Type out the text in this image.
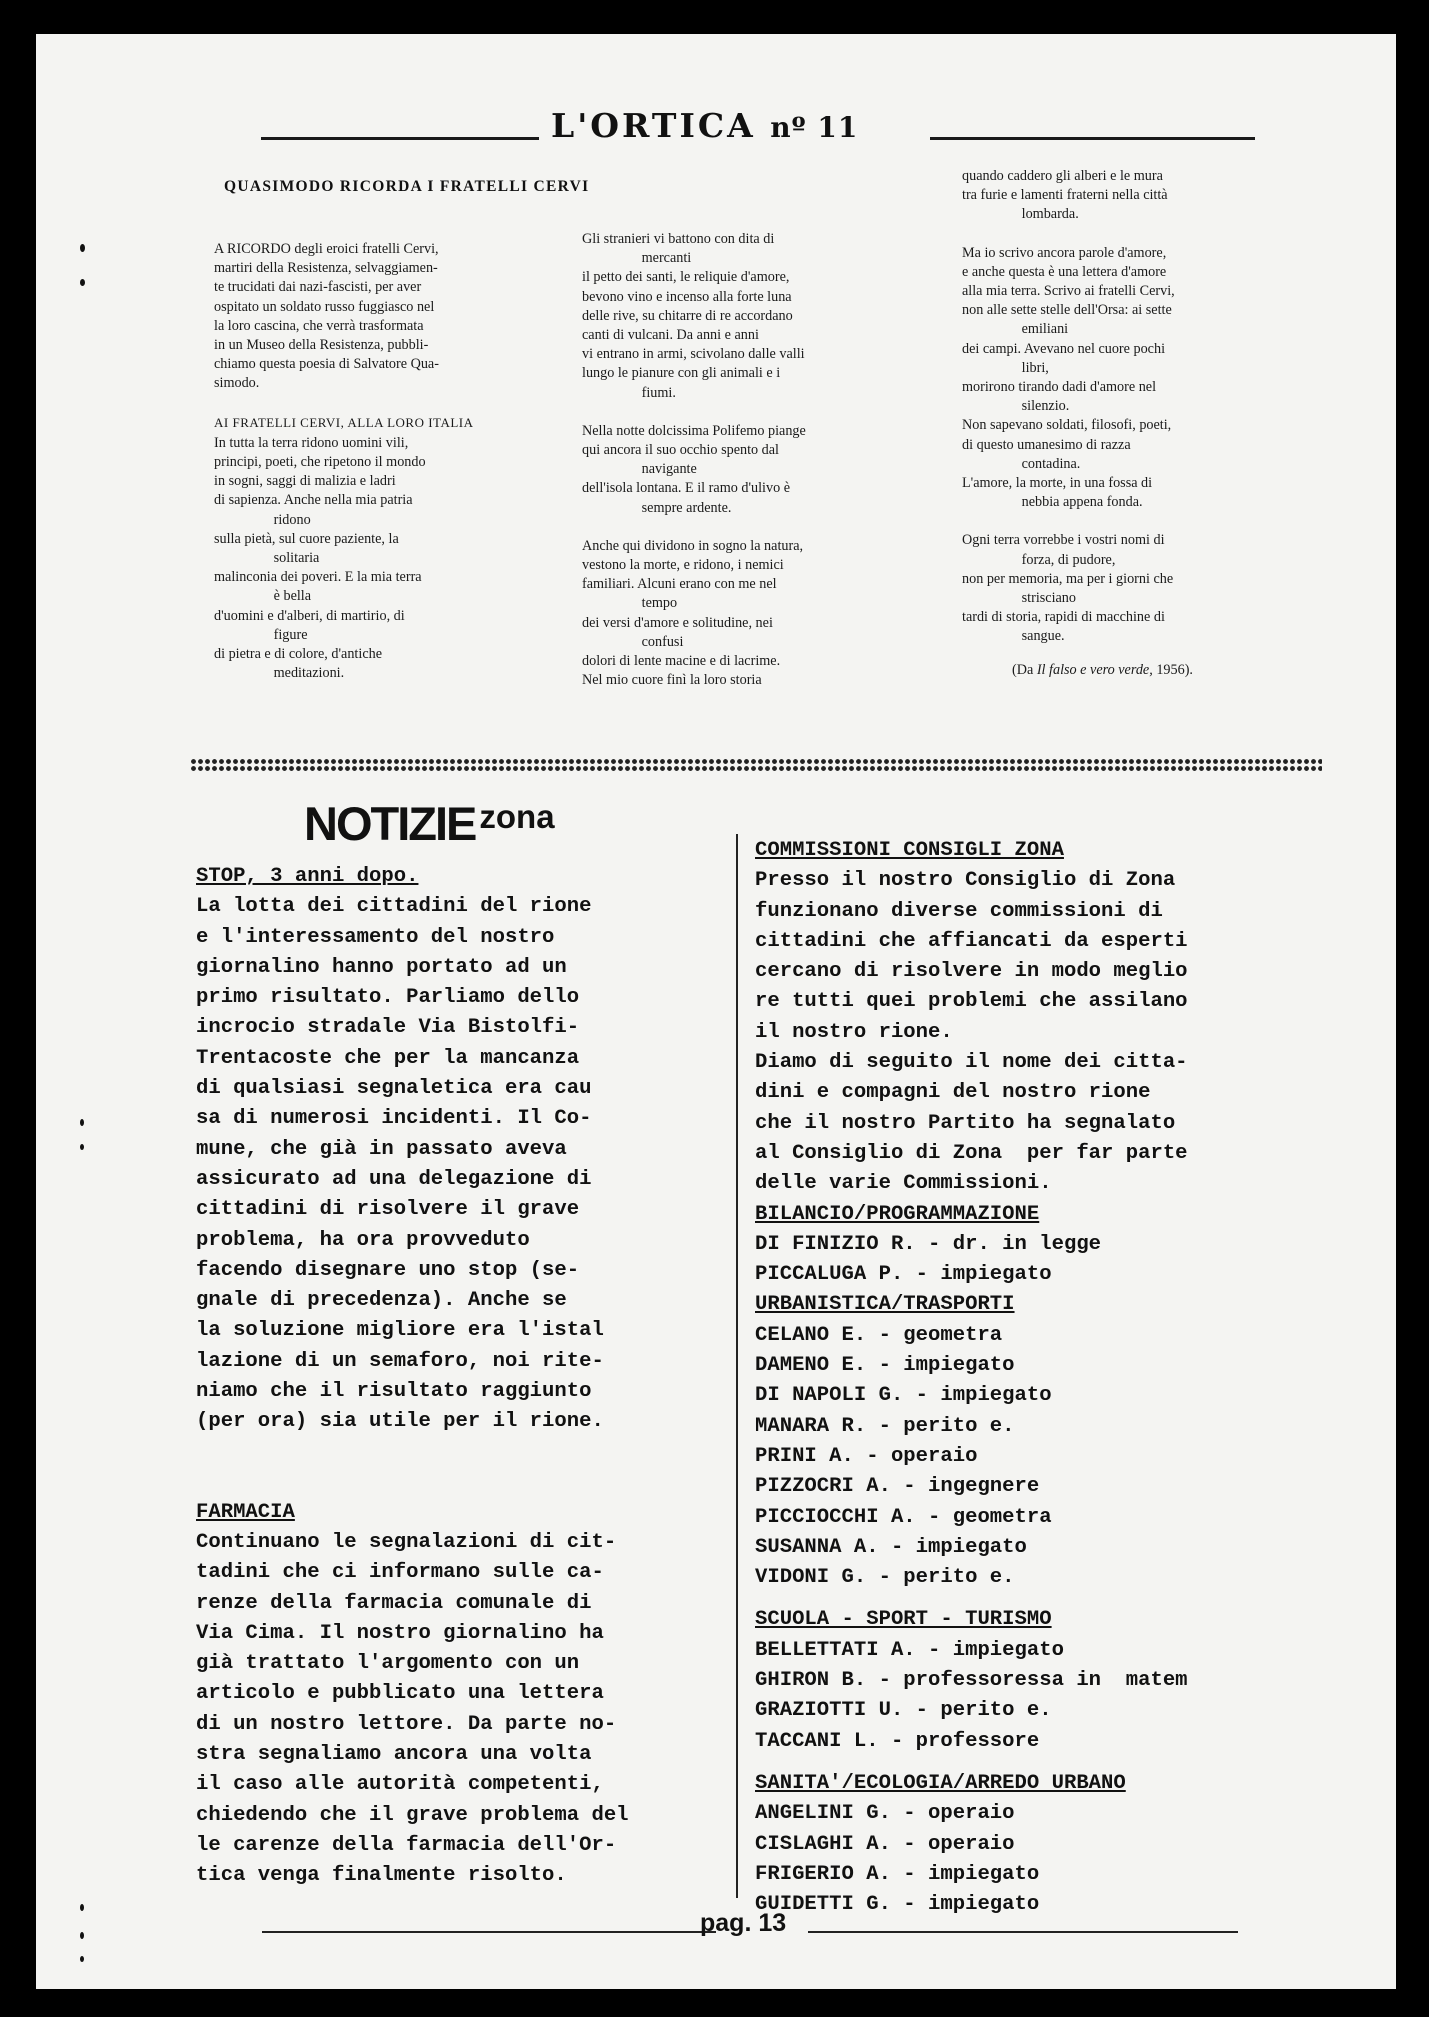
L'ORTICA nº 11
QUASIMODO RICORDA I FRATELLI CERVI

A RICORDO degli eroici fratelli Cervi,

martiri della Resistenza, selvaggiamen-

te trucidati dai nazi-fascisti, per aver

ospitato un soldato russo fuggiasco nel

la loro cascina, che verrà trasformata

in un Museo della Resistenza, pubbli-

chiamo questa poesia di Salvatore Qua-

simodo.

AI FRATELLI CERVI, ALLA LORO ITALIA

In tutta la terra ridono uomini vili,

principi, poeti, che ripetono il mondo

in sogni, saggi di malizia e ladri

di sapienza. Anche nella mia patria

ridono

sulla pietà, sul cuore paziente, la

solitaria

malinconia dei poveri. E la mia terra

è bella

d'uomini e d'alberi, di martirio, di

figure

di pietra e di colore, d'antiche

meditazioni.

Gli stranieri vi battono con dita di

mercanti

il petto dei santi, le reliquie d'amore,

bevono vino e incenso alla forte luna

delle rive, su chitarre di re accordano

canti di vulcani. Da anni e anni

vi entrano in armi, scivolano dalle valli

lungo le pianure con gli animali e i

fiumi.

Nella notte dolcissima Polifemo piange

qui ancora il suo occhio spento dal

navigante

dell'isola lontana. E il ramo d'ulivo è

sempre ardente.

Anche qui dividono in sogno la natura,

vestono la morte, e ridono, i nemici

familiari. Alcuni erano con me nel

tempo

dei versi d'amore e solitudine, nei

confusi

dolori di lente macine e di lacrime.

Nel mio cuore finì la loro storia

quando caddero gli alberi e le mura

tra furie e lamenti fraterni nella città

lombarda.

Ma io scrivo ancora parole d'amore,

e anche questa è una lettera d'amore

alla mia terra. Scrivo ai fratelli Cervi,

non alle sette stelle dell'Orsa: ai sette

emiliani

dei campi. Avevano nel cuore pochi

libri,

morirono tirando dadi d'amore nel

silenzio.

Non sapevano soldati, filosofi, poeti,

di questo umanesimo di razza

contadina.

L'amore, la morte, in una fossa di

nebbia appena fonda.

Ogni terra vorrebbe i vostri nomi di

forza, di pudore,

non per memoria, ma per i giorni che

strisciano

tardi di storia, rapidi di macchine di

sangue.

(Da Il falso e vero verde, 1956).
NOTIZIE zona
STOP, 3 anni dopo.
La lotta dei cittadini del rione
e l'interessamento del nostro
giornalino hanno portato ad un
primo risultato. Parliamo dello
incrocio stradale Via Bistolfi-
Trentacoste che per la mancanza
di qualsiasi segnaletica era cau
sa di numerosi incidenti. Il Co-
mune, che già in passato aveva
assicurato ad una delegazione di
cittadini di risolvere il grave
problema, ha ora provveduto
facendo disegnare uno stop (se-
gnale di precedenza). Anche se
la soluzione migliore era l'istal
lazione di un semaforo, noi rite-
niamo che il risultato raggiunto
(per ora) sia utile per il rione.
FARMACIA
Continuano le segnalazioni di cit-
tadini che ci informano sulle ca-
renze della farmacia comunale di
Via Cima. Il nostro giornalino ha
già trattato l'argomento con un
articolo e pubblicato una lettera
di un nostro lettore. Da parte no-
stra segnaliamo ancora una volta
il caso alle autorità competenti,
chiedendo che il grave problema del
le carenze della farmacia dell'Or-
tica venga finalmente risolto.
COMMISSIONI CONSIGLI ZONA
Presso il nostro Consiglio di Zona
funzionano diverse commissioni di
cittadini che affiancati da esperti
cercano di risolvere in modo meglio
re tutti quei problemi che assilano
il nostro rione.
Diamo di seguito il nome dei citta-
dini e compagni del nostro rione
che il nostro Partito ha segnalato
al Consiglio di Zona  per far parte
delle varie Commissioni.
BILANCIO/PROGRAMMAZIONE
DI FINIZIO R. - dr. in legge
PICCALUGA P. - impiegato
URBANISTICA/TRASPORTI
CELANO E. - geometra
DAMENO E. - impiegato
DI NAPOLI G. - impiegato
MANARA R. - perito e.
PRINI A. - operaio
PIZZOCRI A. - ingegnere
PICCIOCCHI A. - geometra
SUSANNA A. - impiegato
VIDONI G. - perito e.
SCUOLA - SPORT - TURISMO
BELLETTATI A. - impiegato
GHIRON B. - professoressa in  matem
GRAZIOTTI U. - perito e.
TACCANI L. - professore
SANITA'/ECOLOGIA/ARREDO URBANO
ANGELINI G. - operaio
CISLAGHI A. - operaio
FRIGERIO A. - impiegato
GUIDETTI G. - impiegato
pag. 13
